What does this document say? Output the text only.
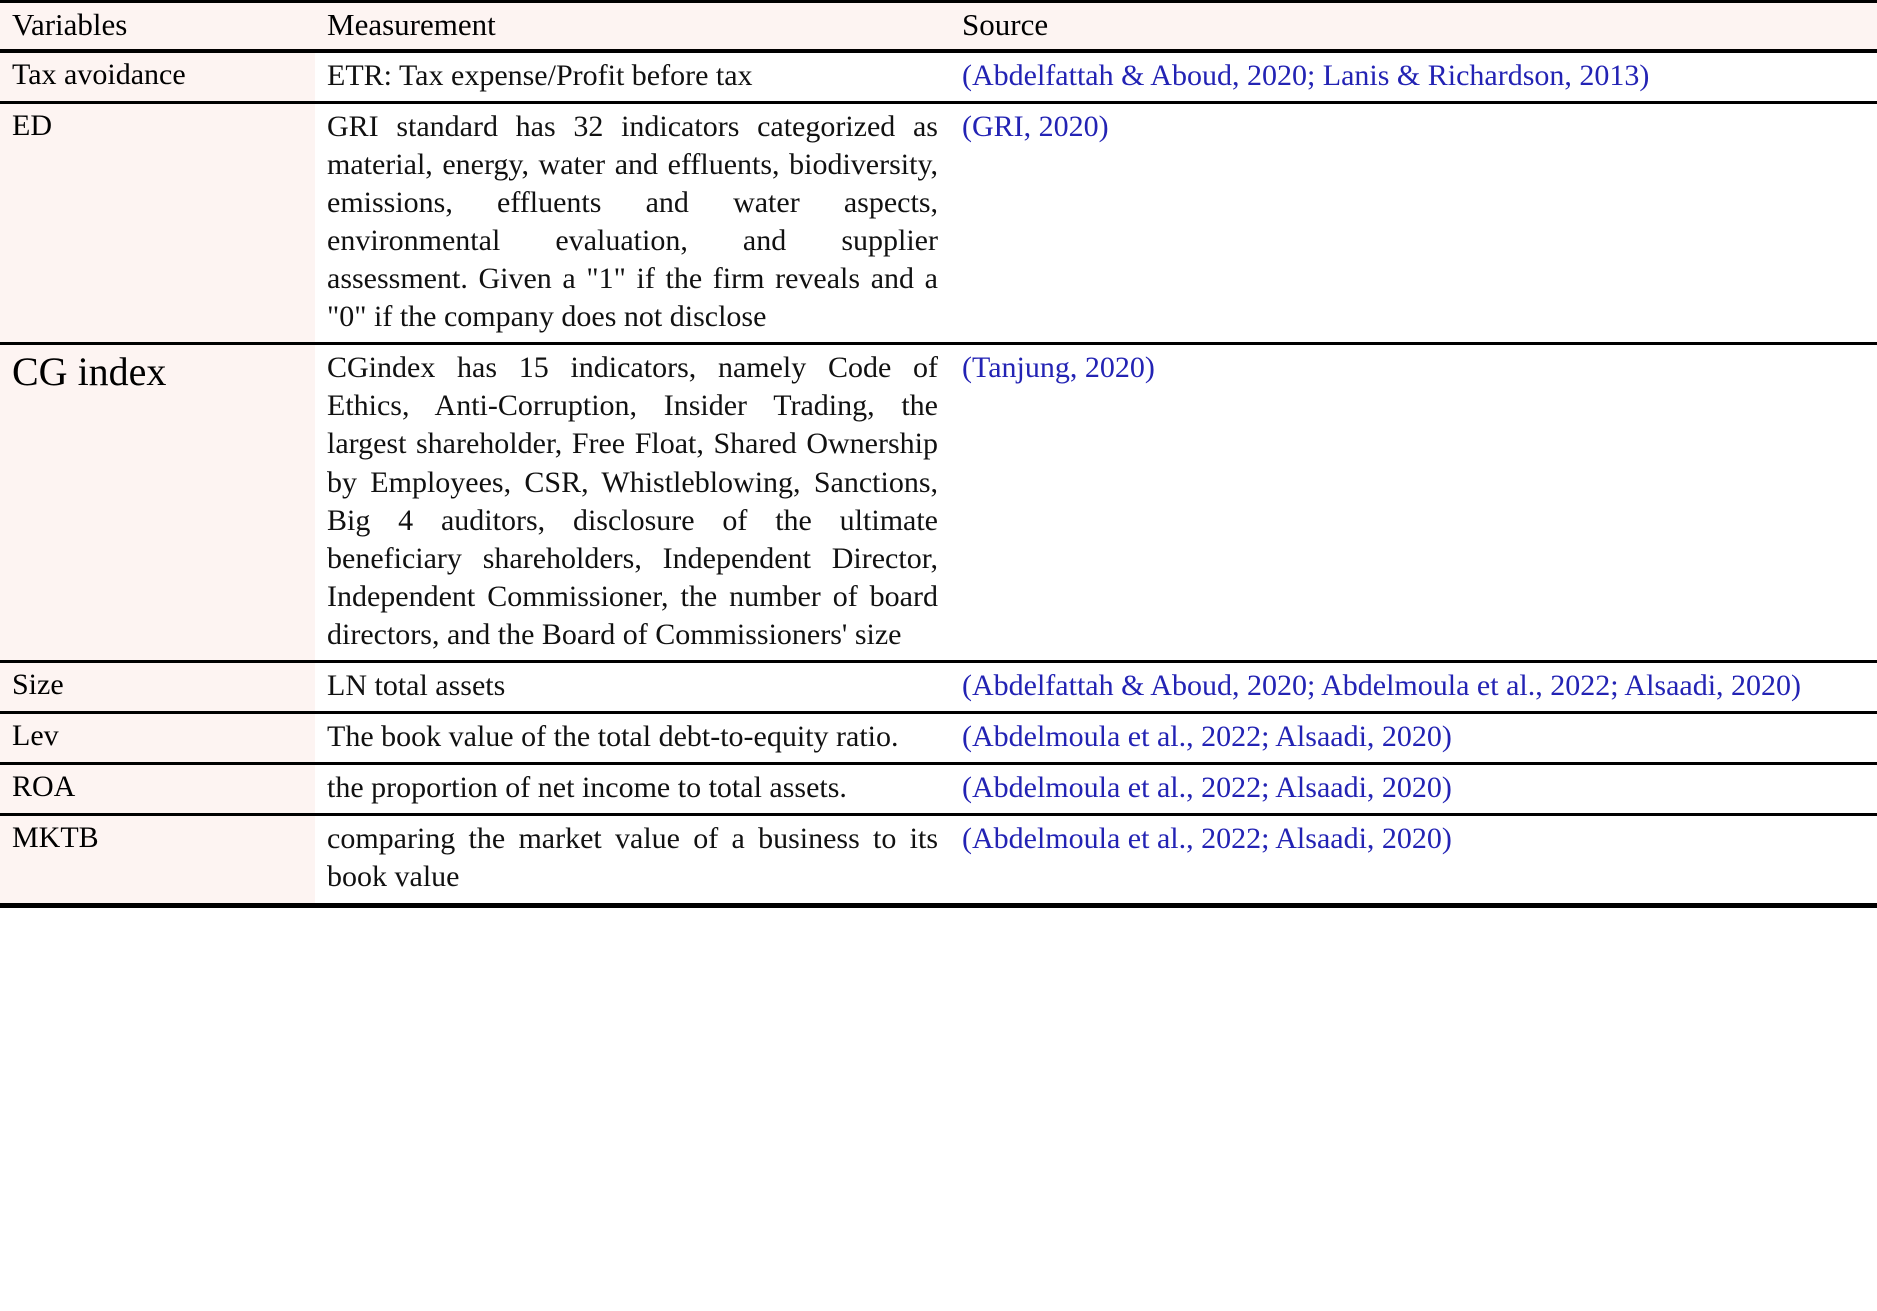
Variables	Measurement	Source

Tax avoidance	ETR: Tax expense/Profit before tax	(Abdelfattah & Aboud, 2020; Lanis & Richardson, 2013)

ED	GRI standard has 32 indicators categorized as material, energy, water and effluents, biodiversity, emissions, effluents and water aspects, environmental evaluation, and supplier assessment. Given a "1" if the firm reveals and a "0" if the company does not disclose	(GRI, 2020)

CG index	CGindex has 15 indicators, namely Code of Ethics, Anti-Corruption, Insider Trading, the largest shareholder, Free Float, Shared Ownership by Employees, CSR, Whistleblowing, Sanctions, Big 4 auditors, disclosure of the ultimate beneficiary shareholders, Independent Director, Independent Commissioner, the number of board directors, and the Board of Commissioners' size	(Tanjung, 2020)

Size	LN total assets	(Abdelfattah & Aboud, 2020; Abdelmoula et al., 2022; Alsaadi, 2020)

Lev	The book value of the total debt-to-equity ratio.	(Abdelmoula et al., 2022; Alsaadi, 2020)

ROA	the proportion of net income to total assets.	(Abdelmoula et al., 2022; Alsaadi, 2020)

MKTB	comparing the market value of a business to its book value	(Abdelmoula et al., 2022; Alsaadi, 2020)
